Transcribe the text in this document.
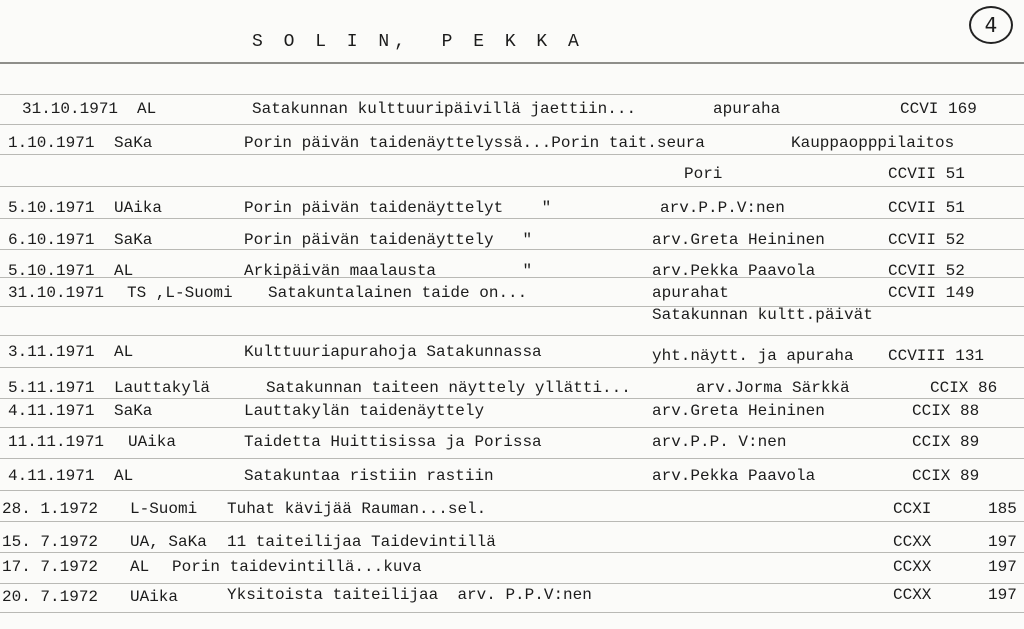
S O L I N,  P E K K A
4
31.10.1971 AL	Satakunnan kulttuuripäivillä jaettiin...	apuraha	CCVI 169
1.10.1971 SaKa	Porin päivän taidenäyttelyssä...Porin tait.seura	Kauppaopppilaitos
Pori	CCVII 51
5.10.1971 UAika	Porin päivän taidenäyttelyt    "	arv.P.P.V:nen	CCVII 51
6.10.1971 SaKa	Porin päivän taidenäyttely   "	arv.Greta Heininen	CCVII 52
5.10.1971 AL	Arkipäivän maalausta         "	arv.Pekka Paavola	CCVII 52
31.10.1971 TS ,L-Suomi Satakuntalainen taide on...	apurahat	CCVII 149
Satakunnan kultt.päivät
3.11.1971 AL	Kulttuuriapurahoja Satakunnassa	yht.näytt. ja apuraha CCVIII 131
5.11.1971 Lauttakylä	Satakunnan taiteen näyttely yllätti...	arv.Jorma Särkkä	CCIX 86
4.11.1971 SaKa	Lauttakylän taidenäyttely	arv.Greta Heininen	CCIX 88
11.11.1971 UAika	Taidetta Huittisissa ja Porissa	arv.P.P. V:nen	CCIX 89
4.11.1971 AL	Satakuntaa ristiin rastiin	arv.Pekka Paavola	CCIX 89
28. 1.1972 L-Suomi Tuhat kävijää Rauman...sel.	CCXI	185
15. 7.1972 UA, SaKa 11 taiteilijaa Taidevintillä	CCXX	197
17. 7.1972 AL Porin taidevintillä...kuva	CCXX	197
20. 7.1972 UAika	Yksitoista taiteilijaa  arv. P.P.V:nen	CCXX	197
